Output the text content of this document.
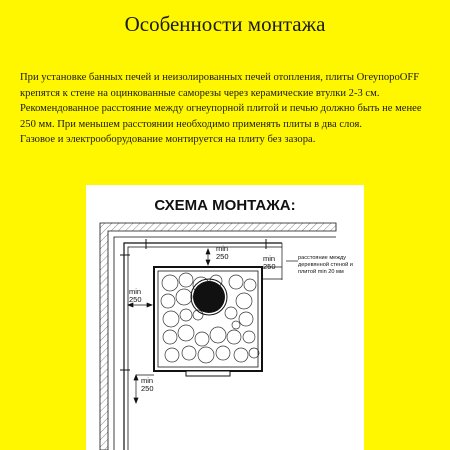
Особенности монтажа

При установке банных печей и неизолированных печей отопления, плиты ОгеупороOFF крепятся к стене на оцинкованные саморезы через керамические втулки 2-3 см.

Рекомендованное расстояние между огнеупорной плитой и печью должно быть не менее 250 мм. При меньшем расстоянии необходимо применять плиты в два слоя.

Газовое и электрооборудование монтируется на плиту без зазора.

СХЕМА МОНТАЖА:
min
250	min
250
min
250
min
250
расстояние между деревянной стеной и плитой min 20 мм
